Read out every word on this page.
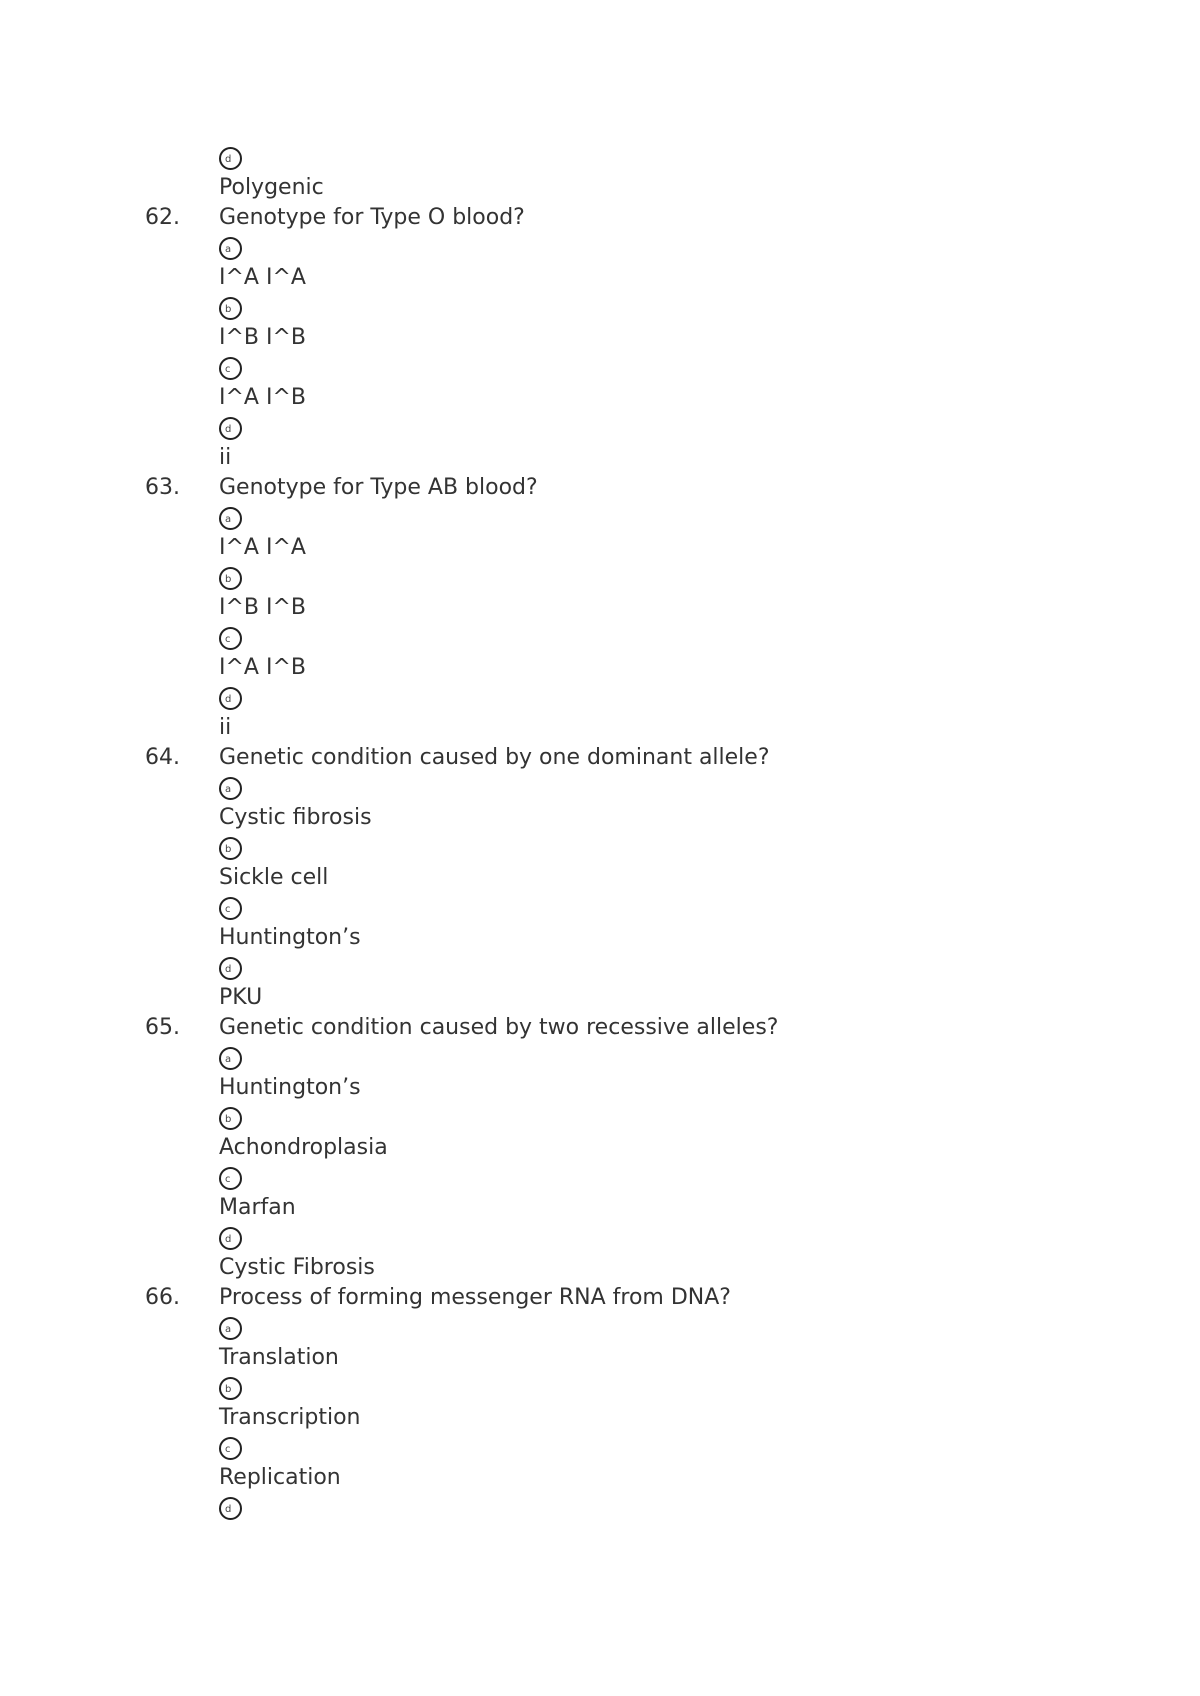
d
Polygenic
62. Genotype for Type O blood?
a
I^A I^A
b
I^B I^B
c
I^A I^B
d
ii
63. Genotype for Type AB blood?
a
I^A I^A
b
I^B I^B
c
I^A I^B
d
ii
64. Genetic condition caused by one dominant allele?
a
Cystic fibrosis
b
Sickle cell
c
Huntington’s
d
PKU
65. Genetic condition caused by two recessive alleles?
a
Huntington’s
b
Achondroplasia
c
Marfan
d
Cystic Fibrosis
66. Process of forming messenger RNA from DNA?
a
Translation
b
Transcription
c
Replication
d
